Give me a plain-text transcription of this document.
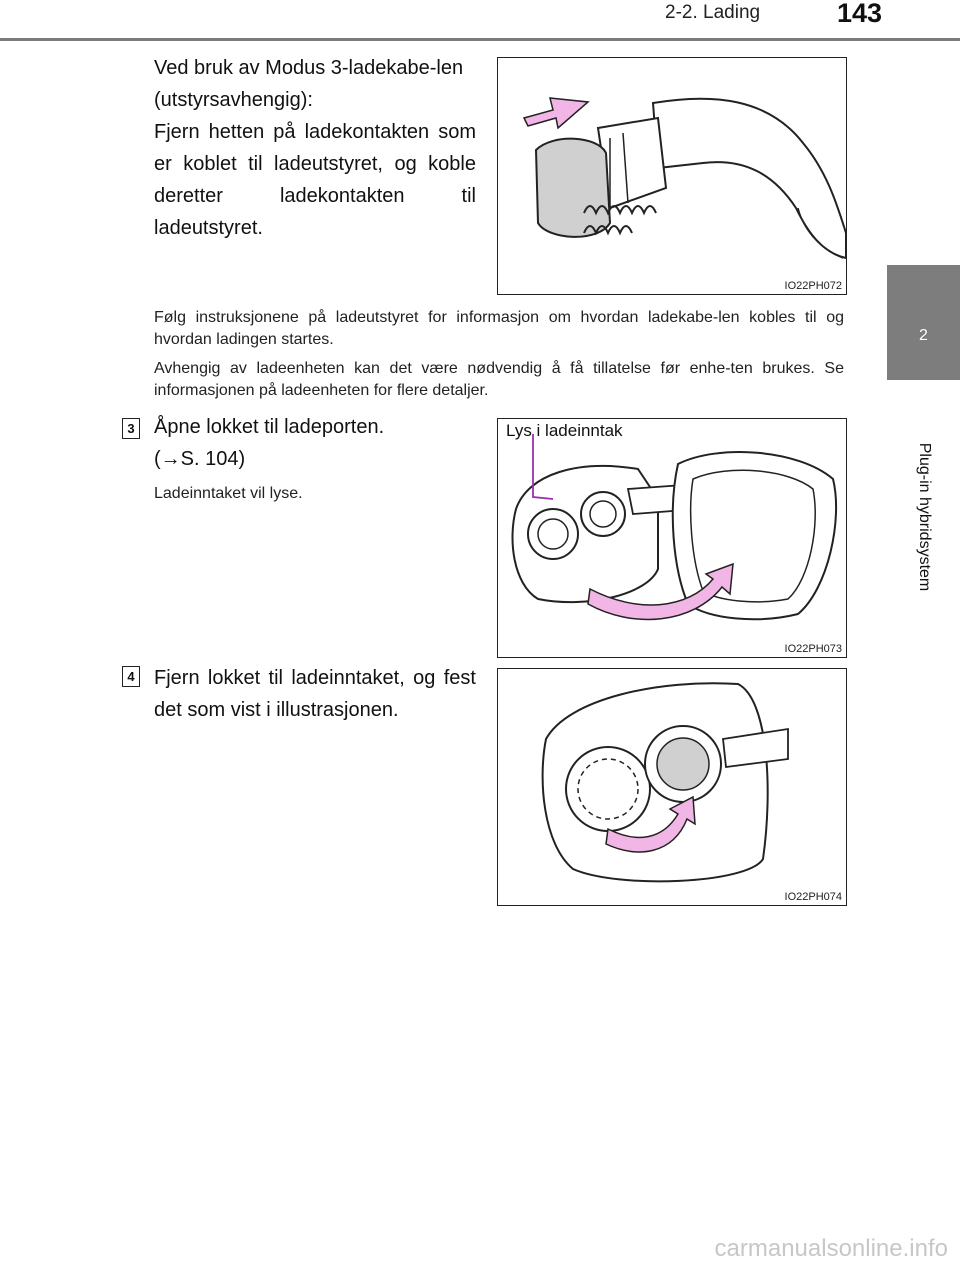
2-2. Lading	143
2
Plug-in hybridsystem
Ved bruk av Modus 3-ladekabe-len (utstyrsavhengig):
Fjern hetten på ladekontakten som er koblet til ladeutstyret, og koble deretter ladekontakten til ladeutstyret.
IO22PH072
Følg instruksjonene på ladeutstyret for informasjon om hvordan ladekabe-len kobles til og hvordan ladingen startes.
Avhengig av ladeenheten kan det være nødvendig å få tillatelse før enhe-ten brukes. Se informasjonen på ladeenheten for flere detaljer.
3 Åpne lokket til ladeporten.
(→S. 104)
Ladeinntaket vil lyse.
Lys i ladeinntak
IO22PH073
4 Fjern lokket til ladeinntaket, og fest det som vist i illustrasjonen.
IO22PH074
carmanualsonline.info
